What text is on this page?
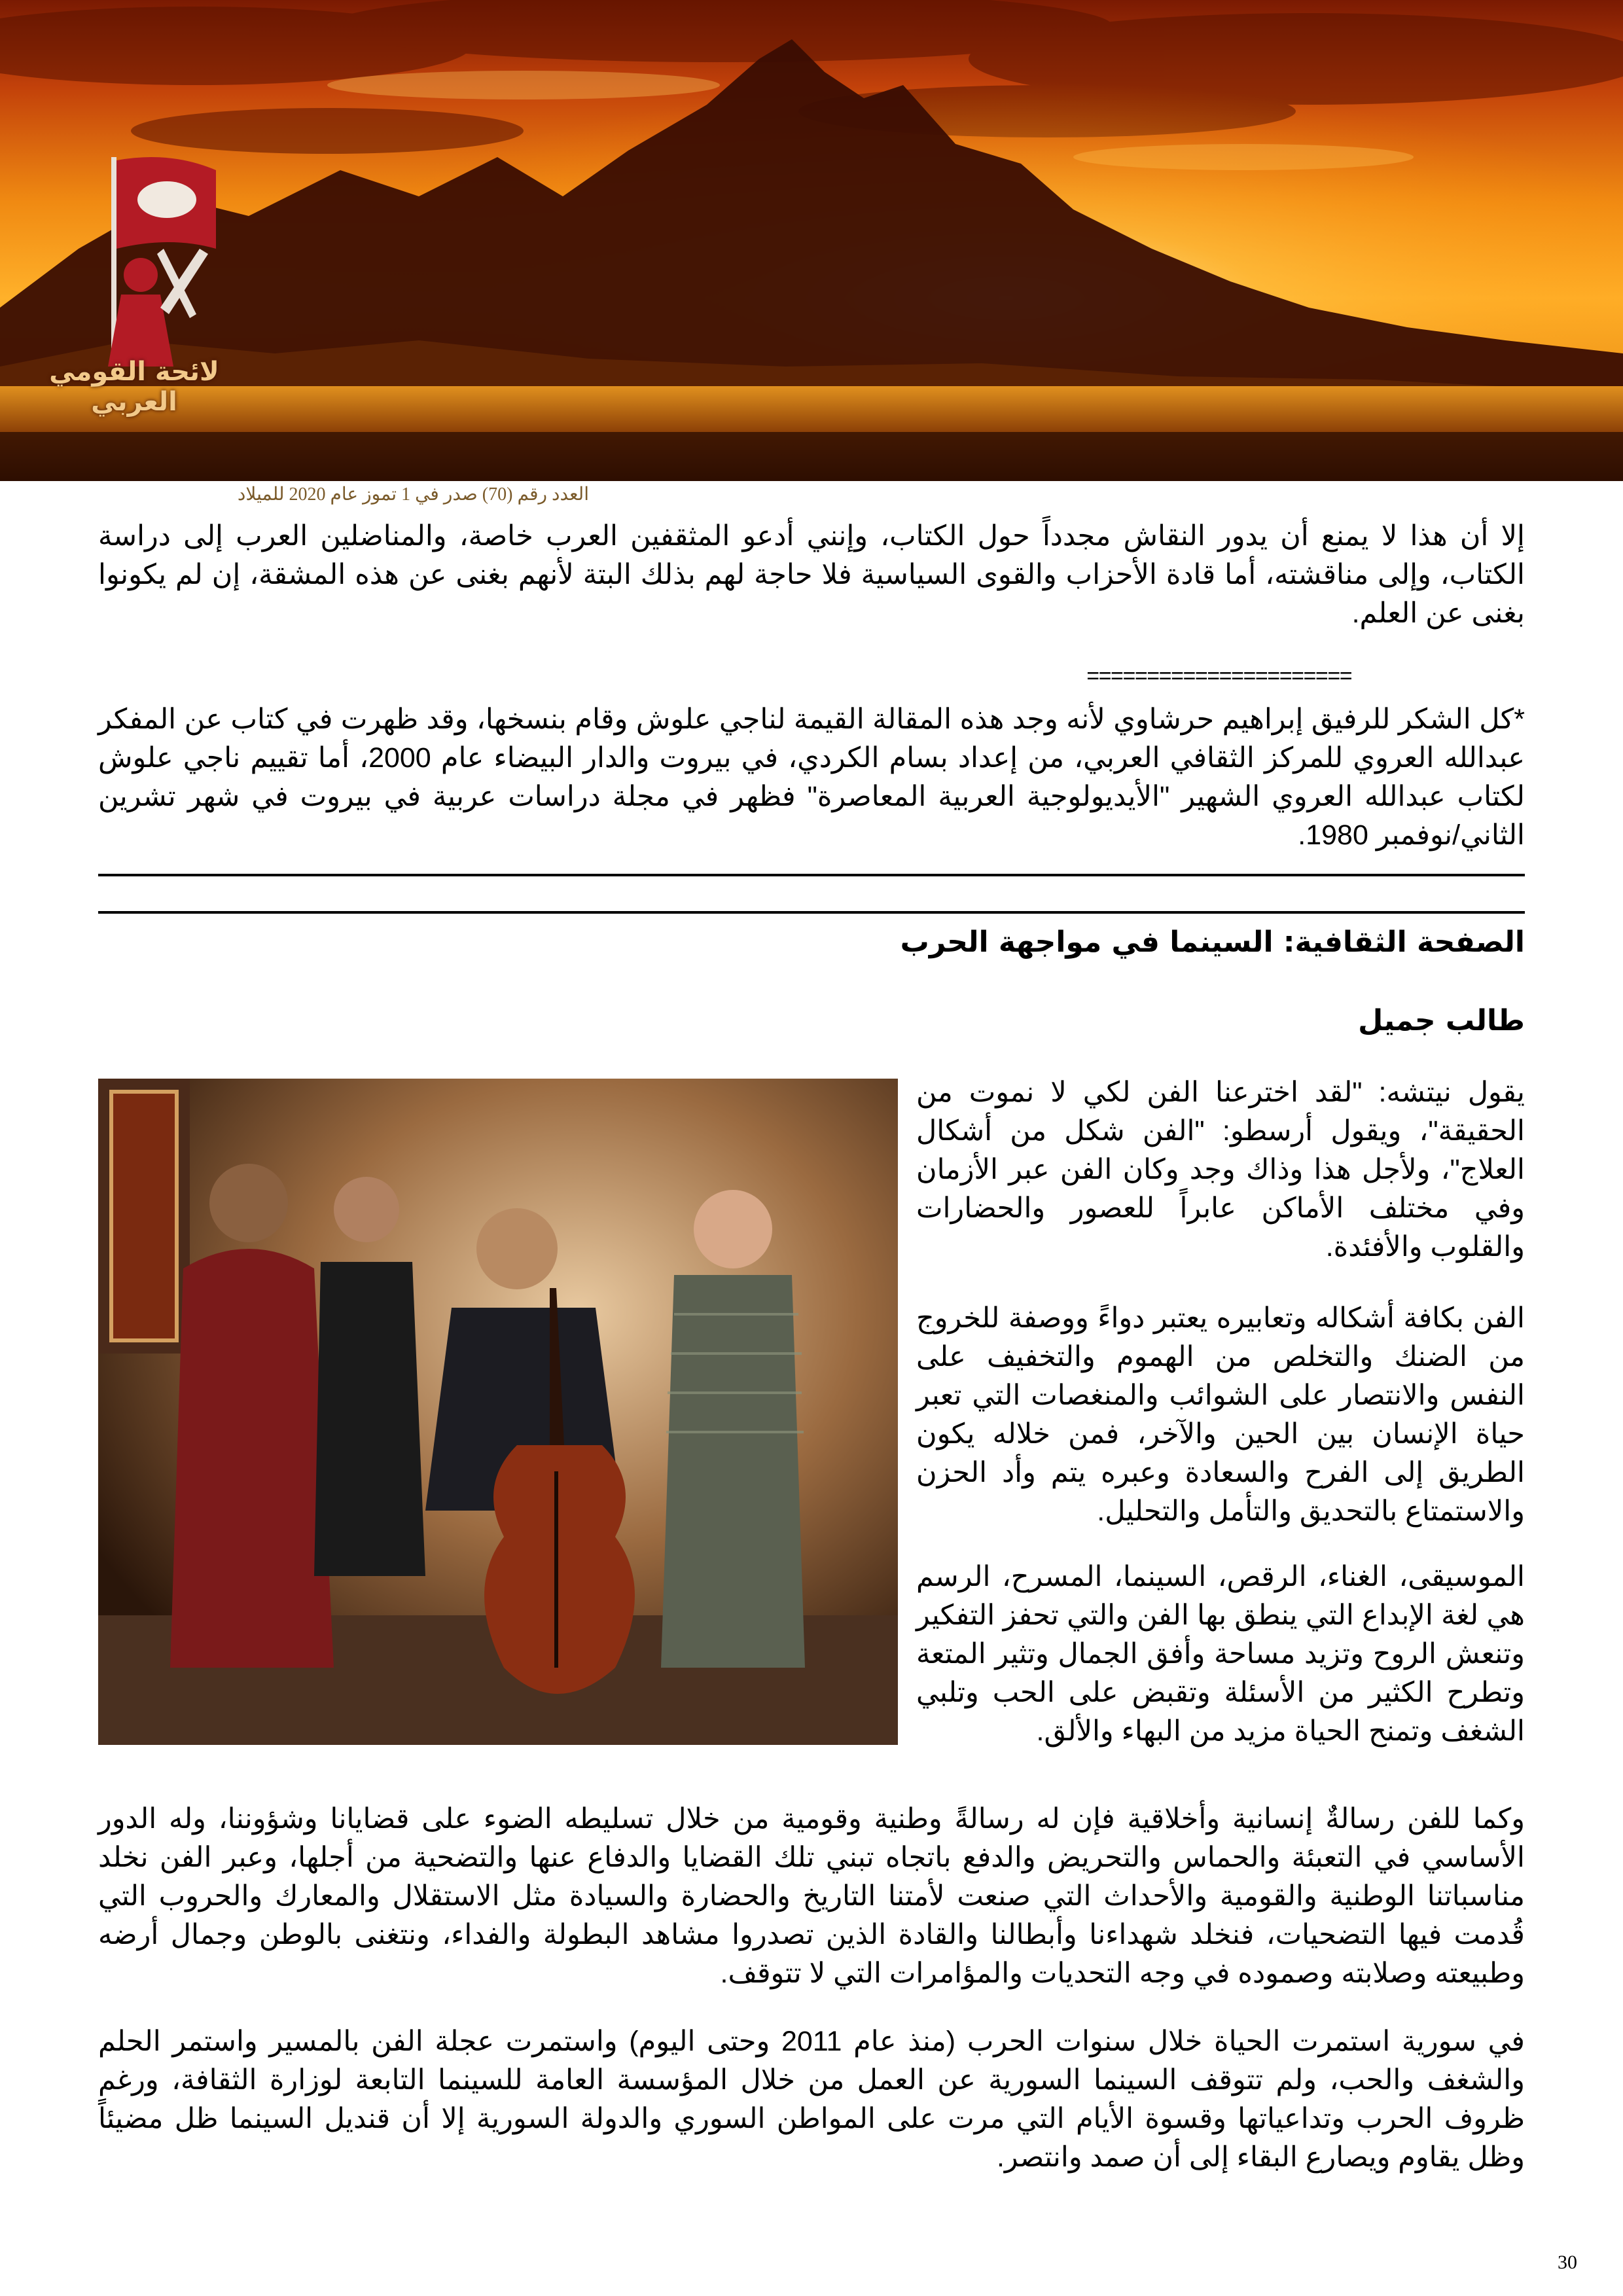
لائحة القومي العربي
العدد رقم (70) صدر في 1 تموز عام 2020 للميلاد

إلا أن هذا لا يمنع أن يدور النقاش مجدداً حول الكتاب، وإنني أدعو المثقفين العرب خاصة، والمناضلين العرب إلى دراسة الكتاب، وإلى مناقشته، أما قادة الأحزاب والقوى السياسية فلا حاجة لهم بذلك البتة لأنهم بغنى عن هذه المشقة، إن لم يكونوا بغنى عن العلم.

======================

*كل الشكر للرفيق إبراهيم حرشاوي لأنه وجد هذه المقالة القيمة لناجي علوش وقام بنسخها، وقد ظهرت في كتاب عن المفكر عبدالله العروي للمركز الثقافي العربي، من إعداد بسام الكردي، في بيروت والدار البيضاء عام 2000، أما تقييم ناجي علوش لكتاب عبدالله العروي الشهير "الأيديولوجية العربية المعاصرة" فظهر في مجلة دراسات عربية في بيروت في شهر تشرين الثاني/نوفمبر 1980.

الصفحة الثقافية: السينما في مواجهة الحرب
طالب جميل

يقول نيتشه: "لقد اخترعنا الفن لكي لا نموت من الحقيقة"، ويقول أرسطو: "الفن شكل من أشكال العلاج"، ولأجل هذا وذاك وجد وكان الفن عبر الأزمان وفي مختلف الأماكن عابراً للعصور والحضارات والقلوب والأفئدة.

الفن بكافة أشكاله وتعابيره يعتبر دواءً ووصفة للخروج من الضنك والتخلص من الهموم والتخفيف على النفس والانتصار على الشوائب والمنغصات التي تعبر حياة الإنسان بين الحين والآخر، فمن خلاله يكون الطريق إلى الفرح والسعادة وعبره يتم وأد الحزن والاستمتاع بالتحديق والتأمل والتحليل.

الموسيقى، الغناء، الرقص، السينما، المسرح، الرسم هي لغة الإبداع التي ينطق بها الفن والتي تحفز التفكير وتنعش الروح وتزيد مساحة وأفق الجمال وتثير المتعة وتطرح الكثير من الأسئلة وتقبض على الحب وتلبي الشغف وتمنح الحياة مزيد من البهاء والألق.

وكما للفن رسالةٌ إنسانية وأخلاقية فإن له رسالةً وطنية وقومية من خلال تسليطه الضوء على قضايانا وشؤوننا، وله الدور الأساسي في التعبئة والحماس والتحريض والدفع باتجاه تبني تلك القضايا والدفاع عنها والتضحية من أجلها، وعبر الفن نخلد مناسباتنا الوطنية والقومية والأحداث التي صنعت لأمتنا التاريخ والحضارة والسيادة مثل الاستقلال والمعارك والحروب التي قُدمت فيها التضحيات، فنخلد شهداءنا وأبطالنا والقادة الذين تصدروا مشاهد البطولة والفداء، ونتغنى بالوطن وجمال أرضه وطبيعته وصلابته وصموده في وجه التحديات والمؤامرات التي لا تتوقف.

في سورية استمرت الحياة خلال سنوات الحرب (منذ عام 2011 وحتى اليوم) واستمرت عجلة الفن بالمسير واستمر الحلم والشغف والحب، ولم تتوقف السينما السورية عن العمل من خلال المؤسسة العامة للسينما التابعة لوزارة الثقافة، ورغم ظروف الحرب وتداعياتها وقسوة الأيام التي مرت على المواطن السوري والدولة السورية إلا أن قنديل السينما ظل مضيئاً وظل يقاوم ويصارع البقاء إلى أن صمد وانتصر.

30
